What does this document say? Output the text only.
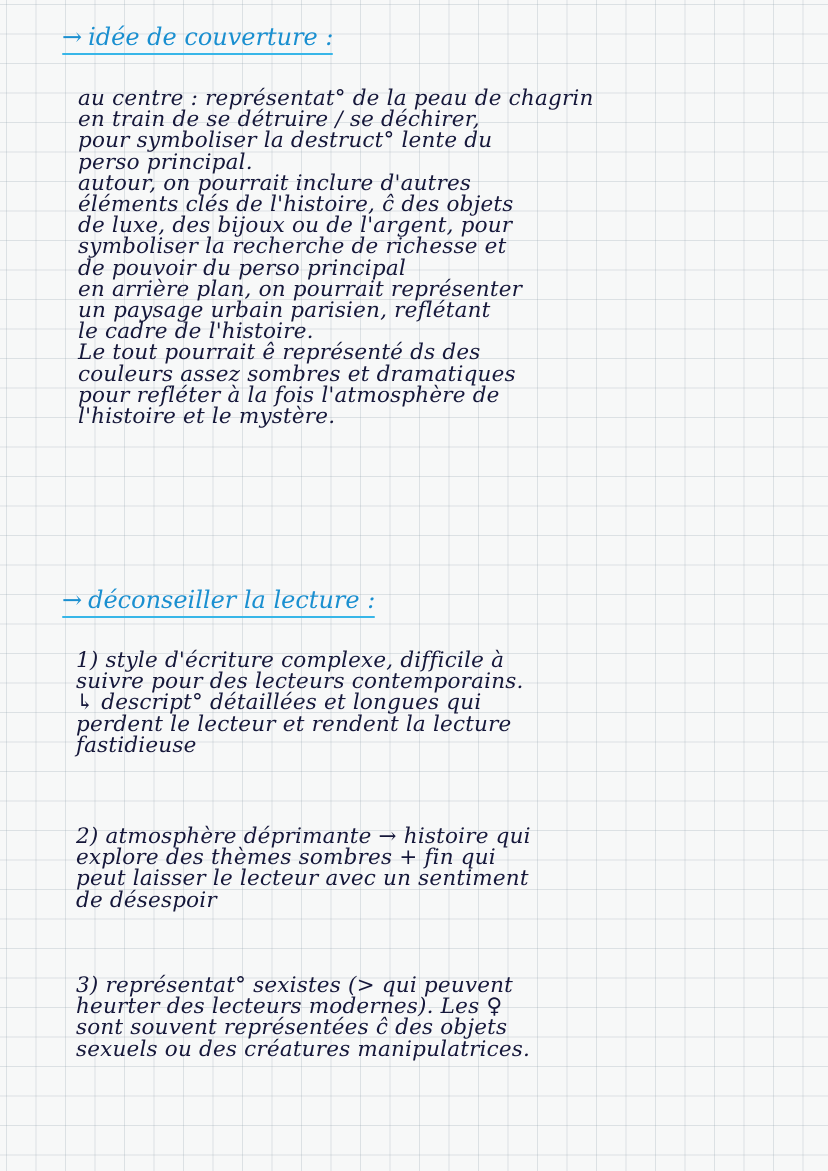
→ idée de couverture :
au centre : représentat° de la peau de chagrin
en train de se détruire / se déchirer,
pour symboliser la destruct° lente du
perso principal.
autour, on pourrait inclure d'autres
éléments clés de l'histoire, ĉ des objets
de luxe, des bijoux ou de l'argent, pour
symboliser la recherche de richesse et
de pouvoir du perso principal
en arrière plan, on pourrait représenter
un paysage urbain parisien, reflétant
le cadre de l'histoire.
Le tout pourrait ê représenté ds des
couleurs assez sombres et dramatiques
pour refléter à la fois l'atmosphère de
l'histoire et le mystère.
→ déconseiller la lecture :
1) style d'écriture complexe, difficile à
suivre pour des lecteurs contemporains.
↳ descript° détaillées et longues qui
perdent le lecteur et rendent la lecture
fastidieuse
2) atmosphère déprimante → histoire qui
explore des thèmes sombres + fin qui
peut laisser le lecteur avec un sentiment
de désespoir
3) représentat° sexistes (> qui peuvent
heurter des lecteurs modernes). Les ♀
sont souvent représentées ĉ des objets
sexuels ou des créatures manipulatrices.
